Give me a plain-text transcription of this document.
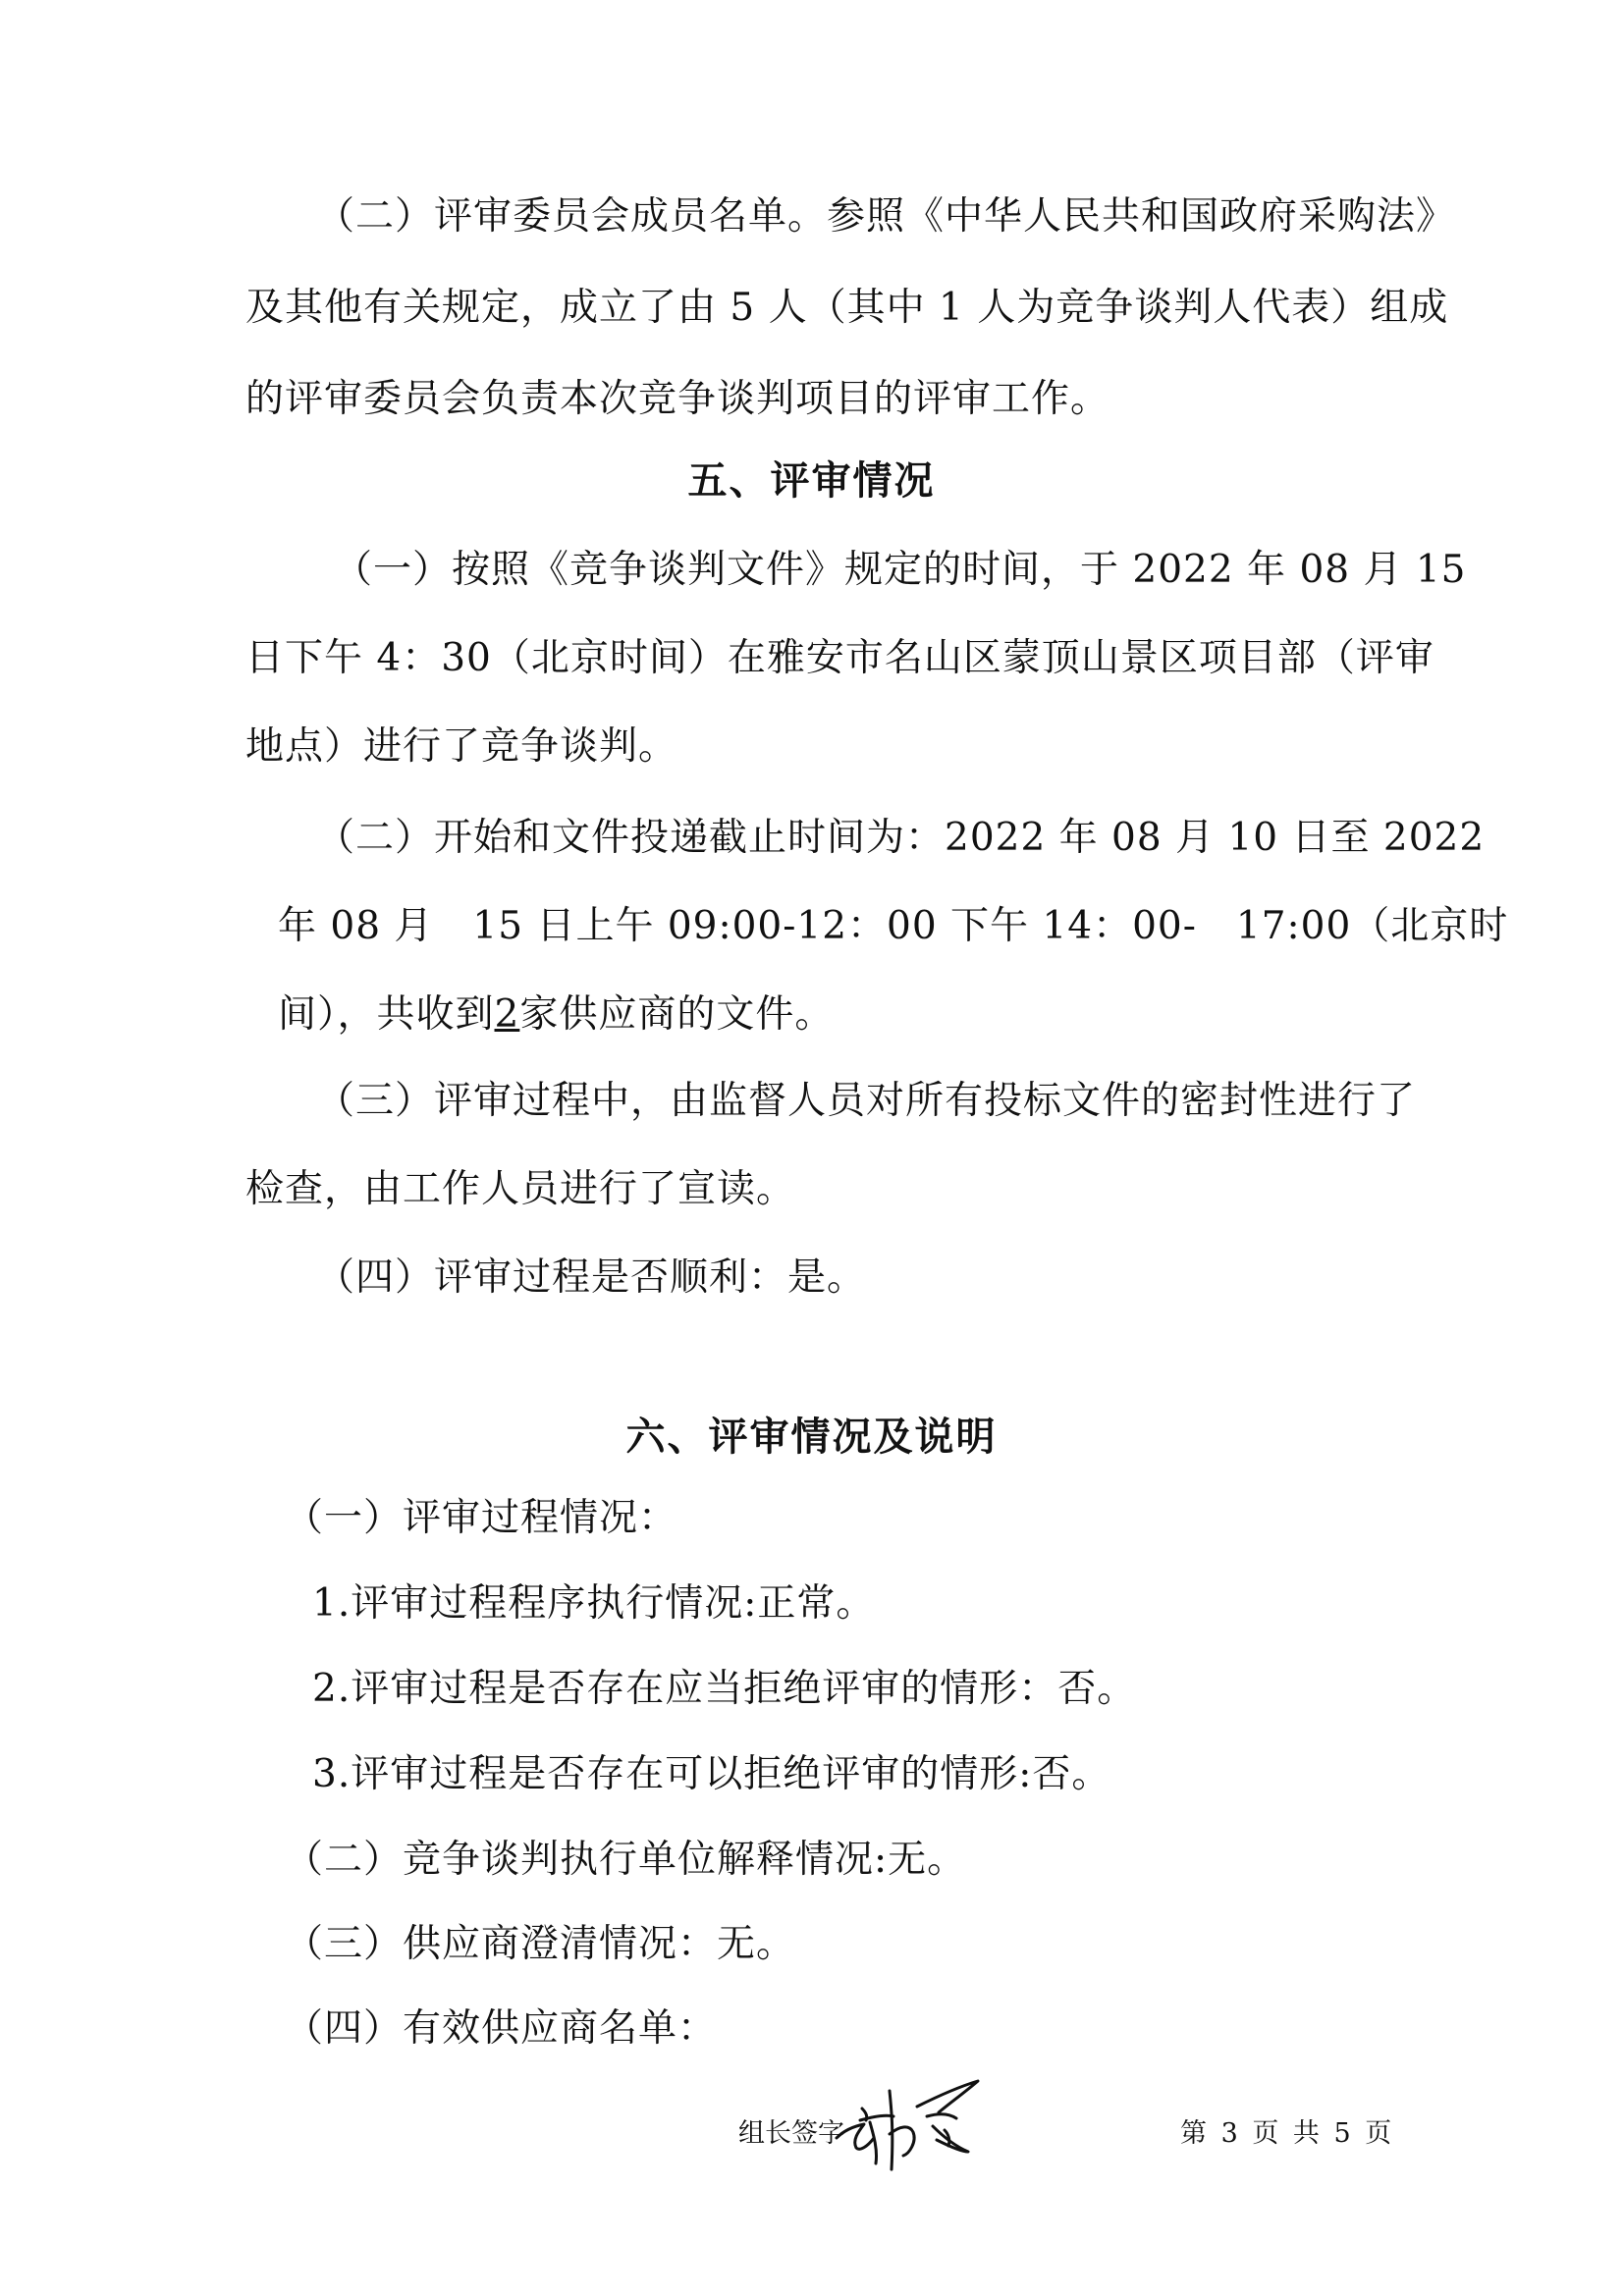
（二）评审委员会成员名单。参照《中华人民共和国政府采购法》
及其他有关规定，成立了由 5 人（其中 1 人为竞争谈判人代表）组成
的评审委员会负责本次竞争谈判项目的评审工作。
五、评审情况
（一）按照《竞争谈判文件》规定的时间，于 2022 年 08 月 15
日下午 4：30（北京时间）在雅安市名山区蒙顶山景区项目部（评审
地点）进行了竞争谈判。
（二）开始和文件投递截止时间为：2022 年 08 月 10 日至 2022
年 08 月　15 日上午 09:00-12：00 下午 14：00-　17:00（北京时
间），共收到2家供应商的文件。
（三）评审过程中，由监督人员对所有投标文件的密封性进行了
检查，由工作人员进行了宣读。
（四）评审过程是否顺利：是。
六、评审情况及说明
（一）评审过程情况：
1.评审过程程序执行情况:正常。
2.评审过程是否存在应当拒绝评审的情形：否。
3.评审过程是否存在可以拒绝评审的情形:否。
（二）竞争谈判执行单位解释情况:无。
（三）供应商澄清情况：无。
（四）有效供应商名单：
组长签字	第 3 页 共 5 页
